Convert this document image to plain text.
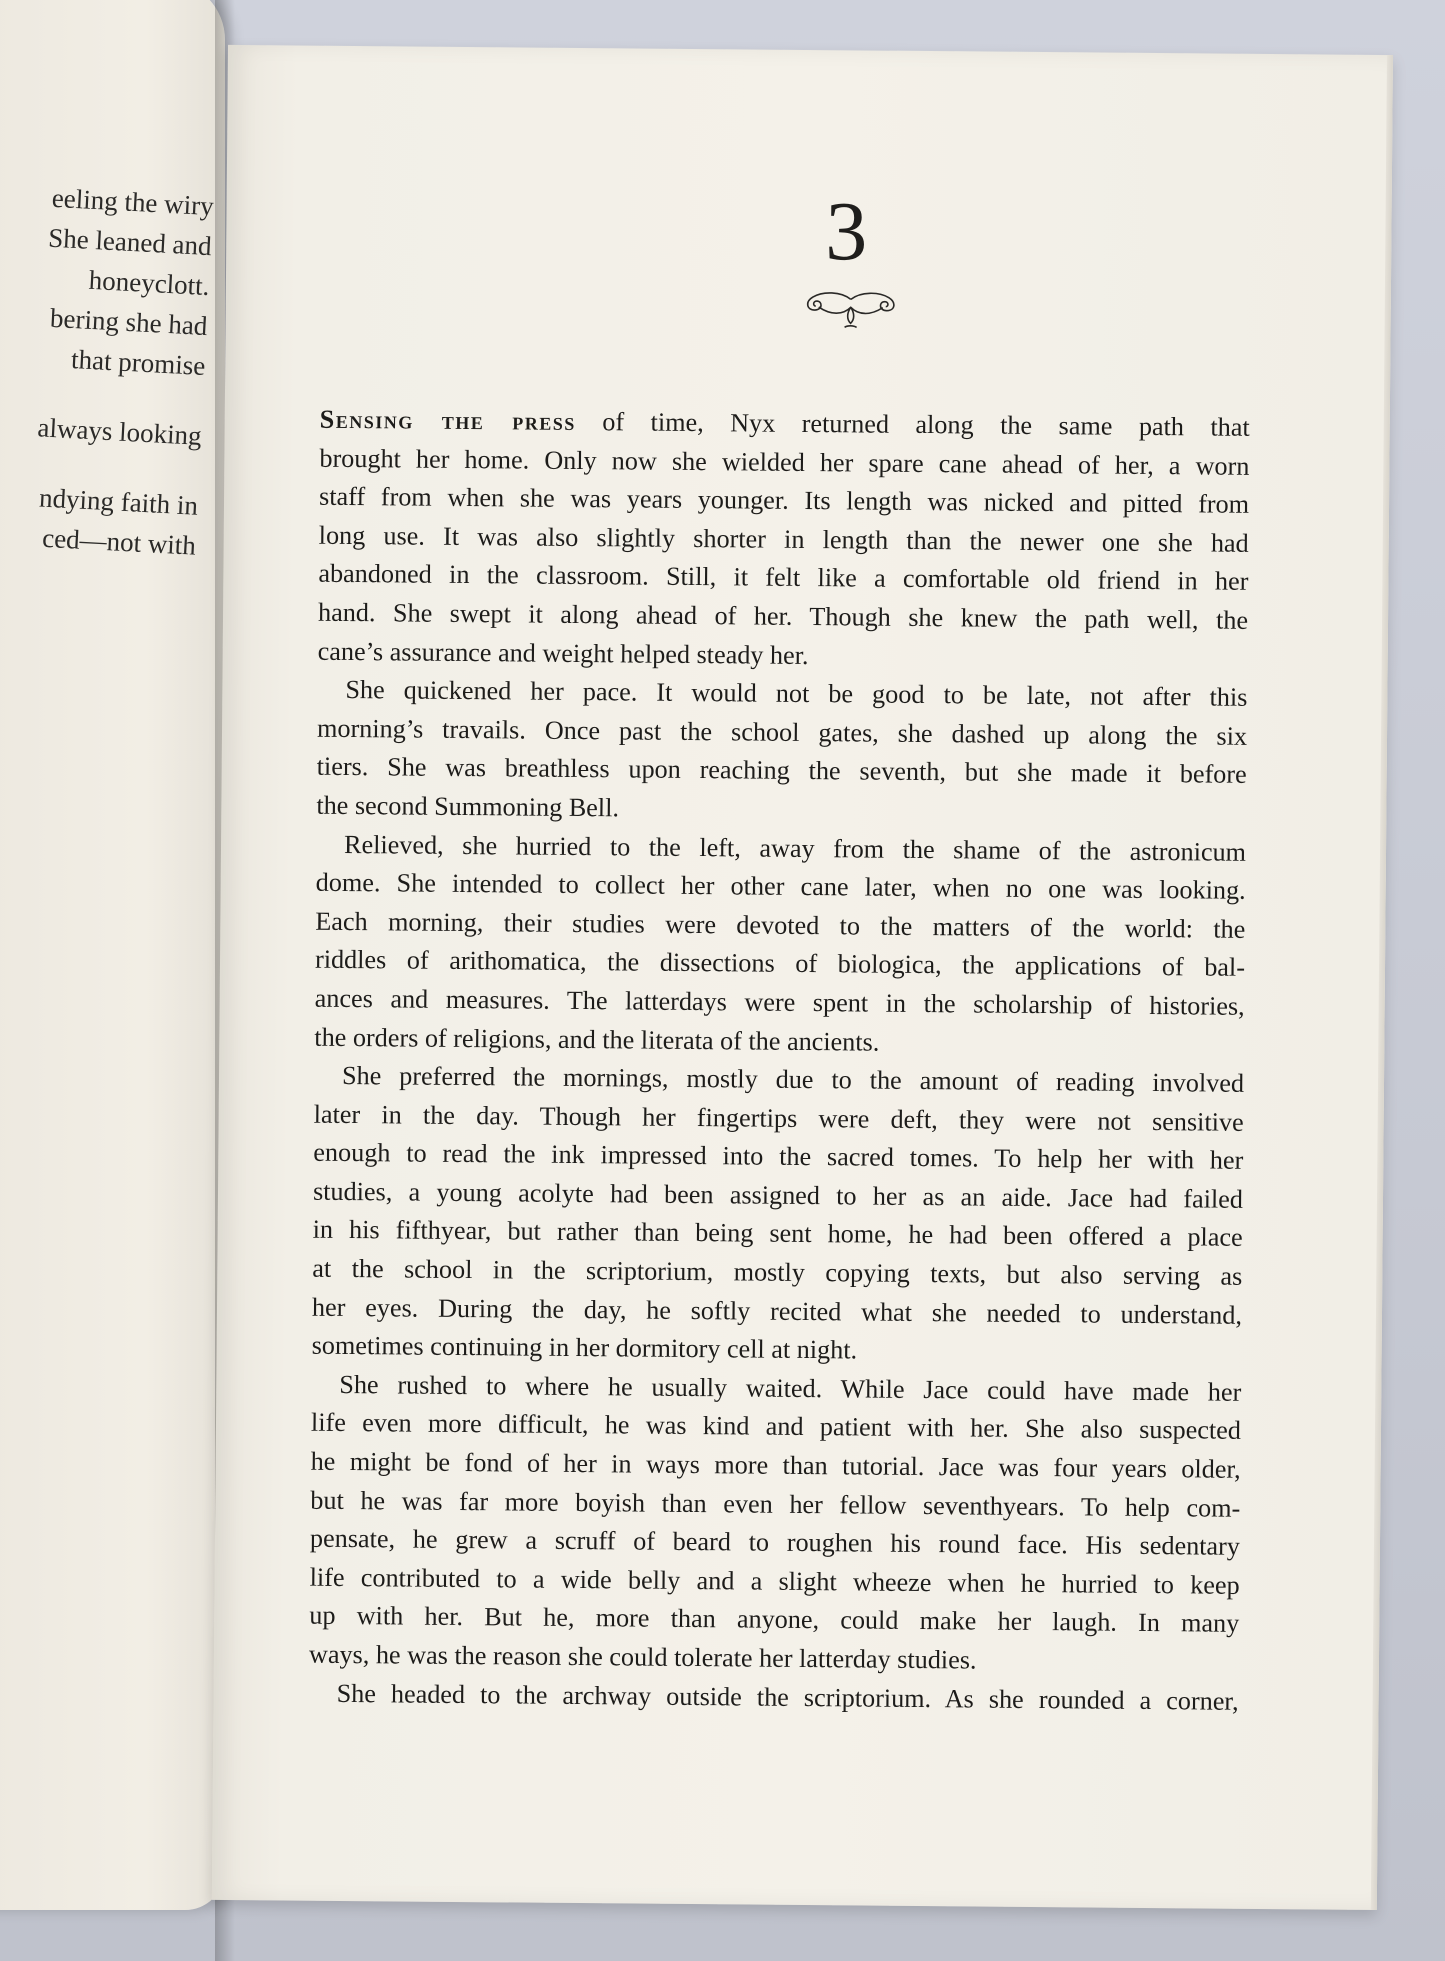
eeling the wiry
She leaned and
honeyclott.
bering she had
that promise
always looking
ndying faith in
ced—not with
3
Sensing the press of time, Nyx returned along the same path that
brought her home. Only now she wielded her spare cane ahead of her, a worn
staff from when she was years younger. Its length was nicked and pitted from
long use. It was also slightly shorter in length than the newer one she had
abandoned in the classroom. Still, it felt like a comfortable old friend in her
hand. She swept it along ahead of her. Though she knew the path well, the
cane’s assurance and weight helped steady her.
She quickened her pace. It would not be good to be late, not after this
morning’s travails. Once past the school gates, she dashed up along the six
tiers. She was breathless upon reaching the seventh, but she made it before
the second Summoning Bell.
Relieved, she hurried to the left, away from the shame of the astronicum
dome. She intended to collect her other cane later, when no one was looking.
Each morning, their studies were devoted to the matters of the world: the
riddles of arithomatica, the dissections of biologica, the applications of bal-
ances and measures. The latterdays were spent in the scholarship of histories,
the orders of religions, and the literata of the ancients.
She preferred the mornings, mostly due to the amount of reading involved
later in the day. Though her fingertips were deft, they were not sensitive
enough to read the ink impressed into the sacred tomes. To help her with her
studies, a young acolyte had been assigned to her as an aide. Jace had failed
in his fifthyear, but rather than being sent home, he had been offered a place
at the school in the scriptorium, mostly copying texts, but also serving as
her eyes. During the day, he softly recited what she needed to understand,
sometimes continuing in her dormitory cell at night.
She rushed to where he usually waited. While Jace could have made her
life even more difficult, he was kind and patient with her. She also suspected
he might be fond of her in ways more than tutorial. Jace was four years older,
but he was far more boyish than even her fellow seventhyears. To help com-
pensate, he grew a scruff of beard to roughen his round face. His sedentary
life contributed to a wide belly and a slight wheeze when he hurried to keep
up with her. But he, more than anyone, could make her laugh. In many
ways, he was the reason she could tolerate her latterday studies.
She headed to the archway outside the scriptorium. As she rounded a corner,
